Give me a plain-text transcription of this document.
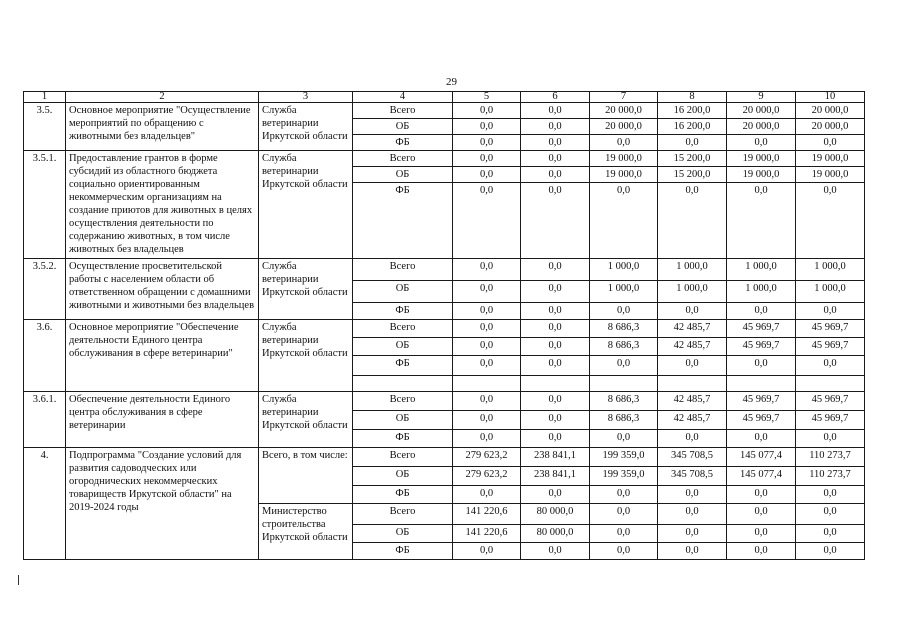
29
1	2	3	4	5	6	7	8	9	10
3.5.	Основное мероприятие "Осуществление мероприятий по обращению с животными без владельцев"	Служба ветеринарии Иркутской области	Всего	0,0	0,0	20 000,0	16 200,0	20 000,0	20 000,0
			ОБ	0,0	0,0	20 000,0	16 200,0	20 000,0	20 000,0
			ФБ	0,0	0,0	0,0	0,0	0,0	0,0
3.5.1.	Предоставление грантов в форме субсидий из областного бюджета социально ориентированным некоммерческим организациям на создание приютов для животных в целях осуществления деятельности по содержанию животных, в том числе животных без владельцев	Служба ветеринарии Иркутской области	Всего	0,0	0,0	19 000,0	15 200,0	19 000,0	19 000,0
			ОБ	0,0	0,0	19 000,0	15 200,0	19 000,0	19 000,0
			ФБ	0,0	0,0	0,0	0,0	0,0	0,0
3.5.2.	Осуществление просветительской работы с населением области об ответственном обращении с домашними животными и животными без владельцев	Служба ветеринарии Иркутской области	Всего	0,0	0,0	1 000,0	1 000,0	1 000,0	1 000,0
			ОБ	0,0	0,0	1 000,0	1 000,0	1 000,0	1 000,0
			ФБ	0,0	0,0	0,0	0,0	0,0	0,0
3.6.	Основное мероприятие "Обеспечение деятельности Единого центра обслуживания в сфере ветеринарии"	Служба ветеринарии Иркутской области	Всего	0,0	0,0	8 686,3	42 485,7	45 969,7	45 969,7
			ОБ	0,0	0,0	8 686,3	42 485,7	45 969,7	45 969,7
			ФБ	0,0	0,0	0,0	0,0	0,0	0,0

3.6.1.	Обеспечение деятельности Единого центра обслуживания в сфере ветеринарии	Служба ветеринарии Иркутской области	Всего	0,0	0,0	8 686,3	42 485,7	45 969,7	45 969,7
			ОБ	0,0	0,0	8 686,3	42 485,7	45 969,7	45 969,7
			ФБ	0,0	0,0	0,0	0,0	0,0	0,0
4.	Подпрограмма "Создание условий для развития садоводческих или огороднических некоммерческих товариществ Иркутской области" на 2019-2024 годы	Всего, в том числе:	Всего	279 623,2	238 841,1	199 359,0	345 708,5	145 077,4	110 273,7
			ОБ	279 623,2	238 841,1	199 359,0	345 708,5	145 077,4	110 273,7
			ФБ	0,0	0,0	0,0	0,0	0,0	0,0
		Министерство строительства Иркутской области	Всего	141 220,6	80 000,0	0,0	0,0	0,0	0,0
			ОБ	141 220,6	80 000,0	0,0	0,0	0,0	0,0
			ФБ	0,0	0,0	0,0	0,0	0,0	0,0
